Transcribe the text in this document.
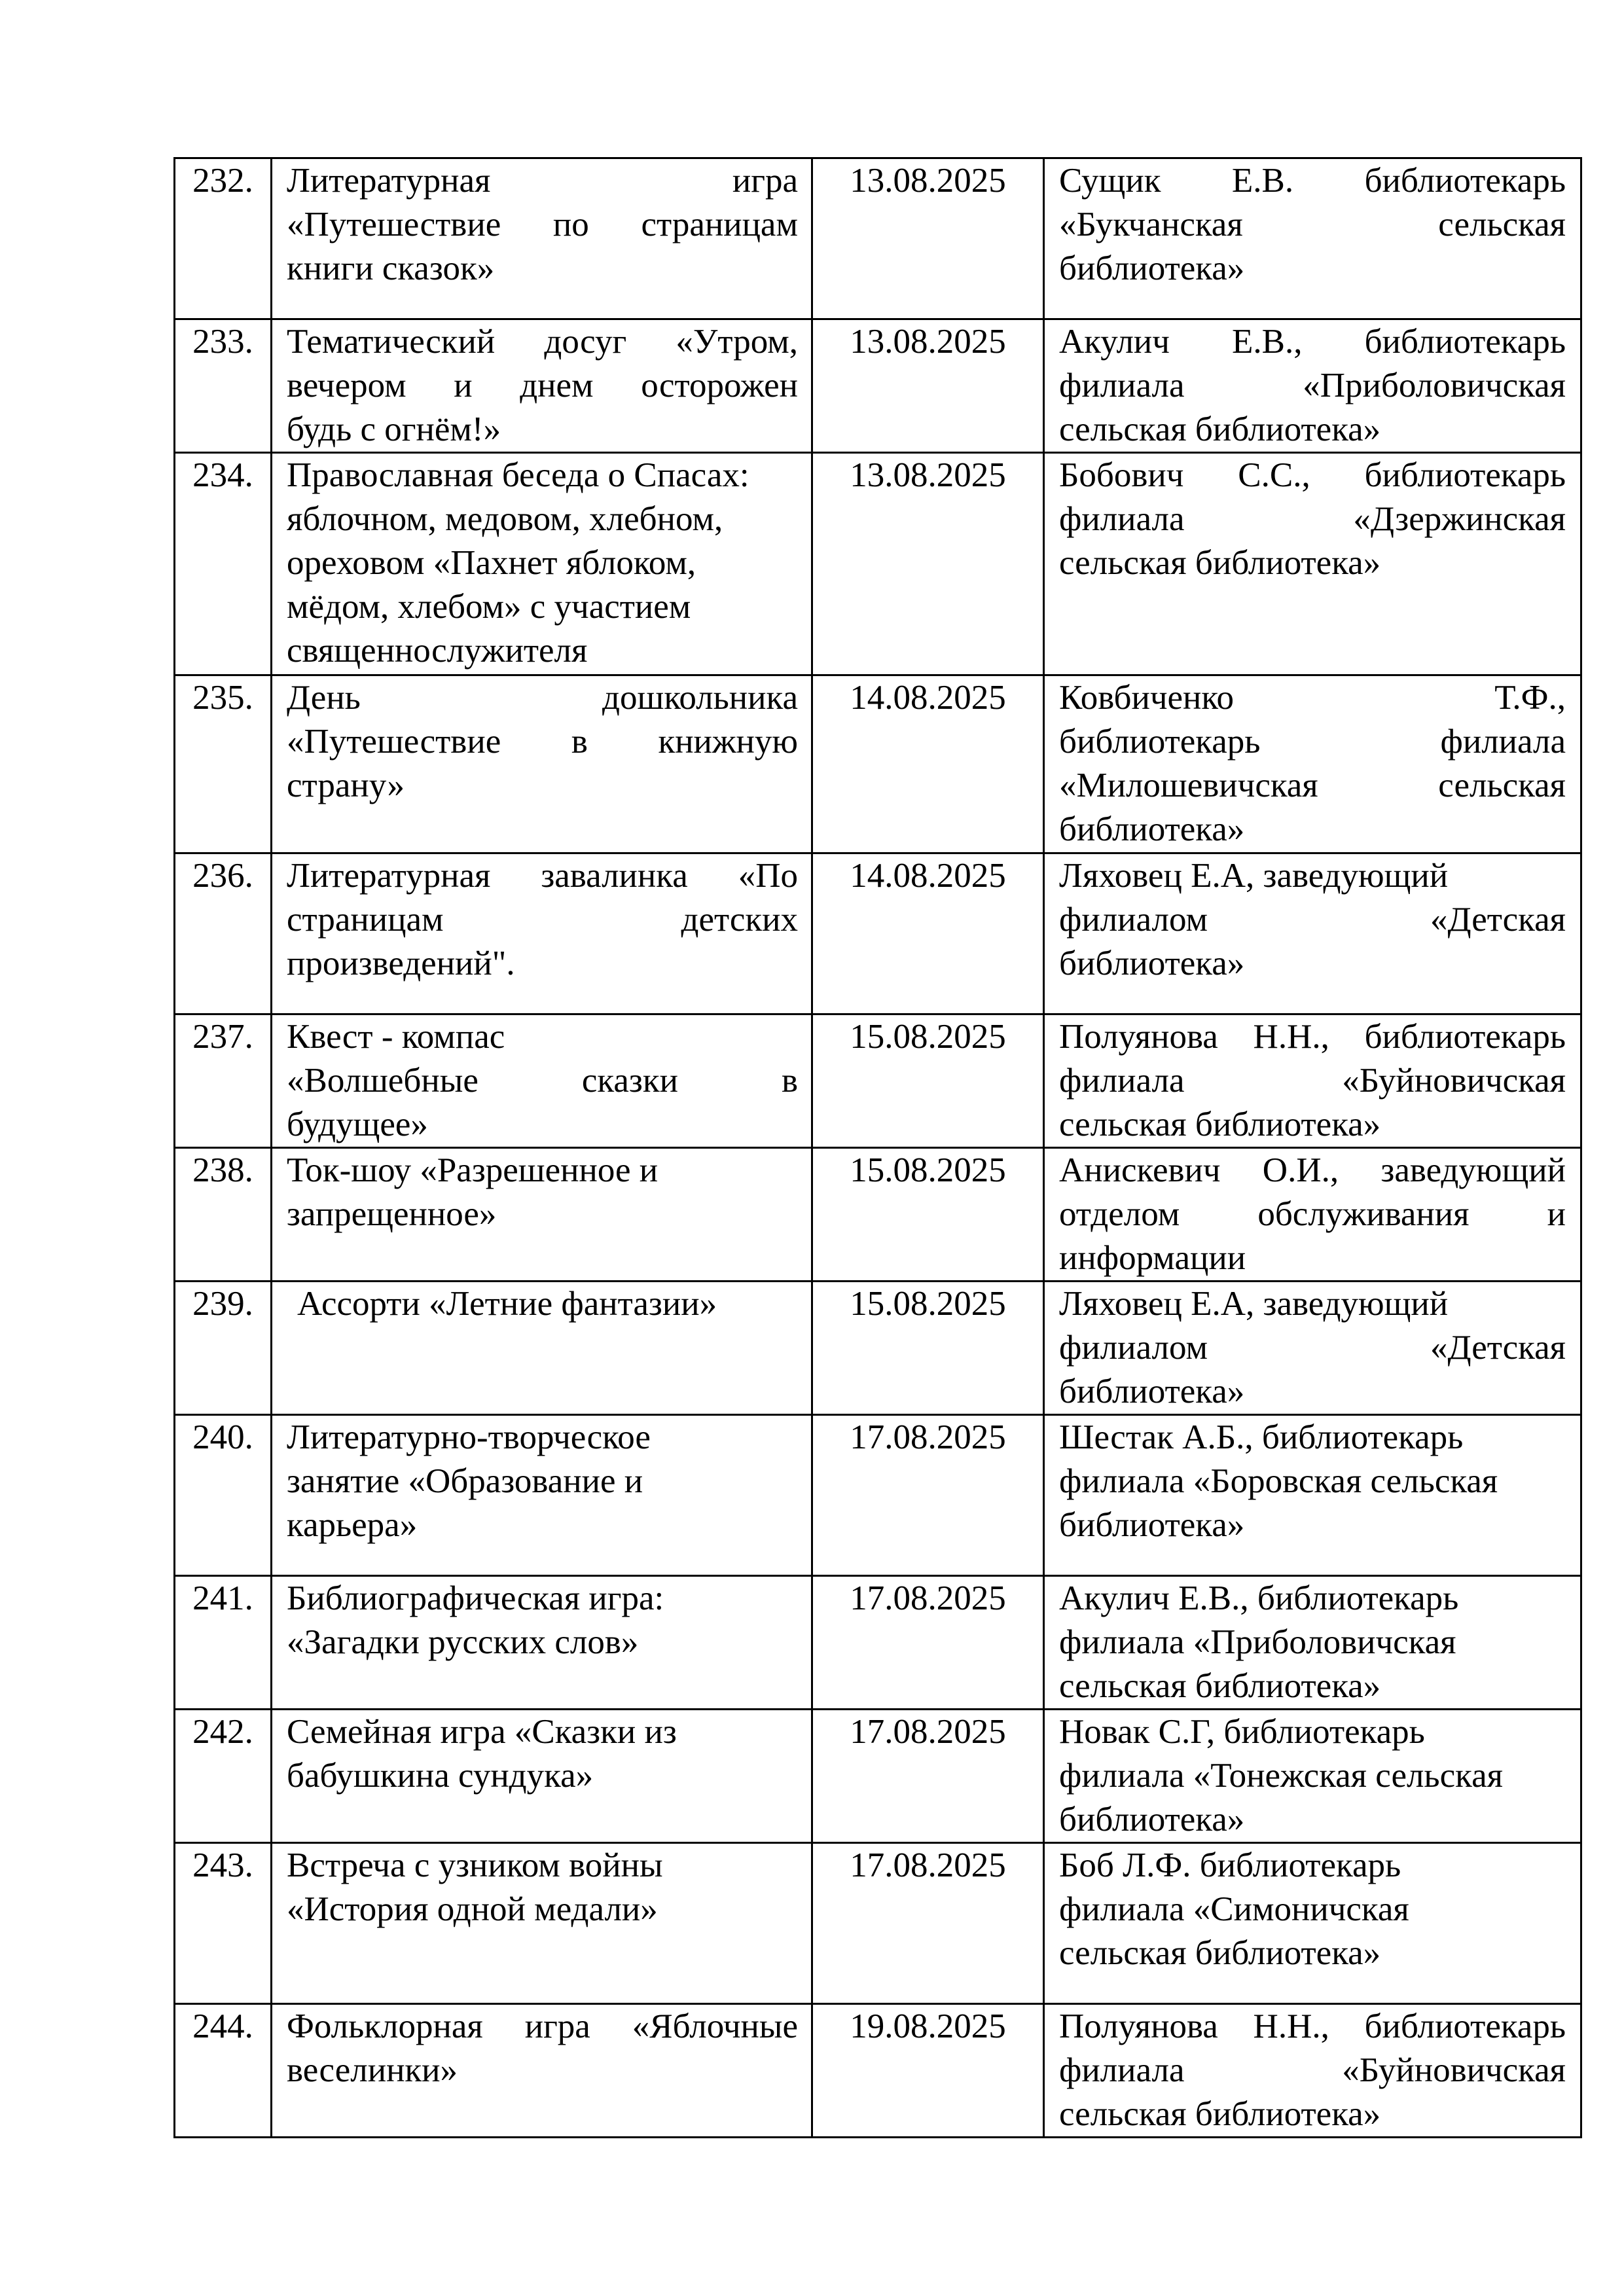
232.	Литературная игра
«Путешествие по страницам
книги сказок»	13.08.2025	Сущик Е.В. библиотекарь
«Букчанская сельская
библиотека»

233.	Тематический досуг «Утром,
вечером и днем осторожен
будь с огнём!»	13.08.2025	Акулич Е.В., библиотекарь
филиала «Приболовичская
сельская библиотека»

234.	Православная беседа о Спасах:
яблочном, медовом, хлебном,
ореховом «Пахнет яблоком,
мёдом, хлебом» с участием
священнослужителя	13.08.2025	Бобович С.С., библиотекарь
филиала «Дзержинская
сельская библиотека»

235.	День дошкольника
«Путешествие в книжную
страну»	14.08.2025	Ковбиченко Т.Ф.,
библиотекарь филиала
«Милошевичская сельская
библиотека»

236.	Литературная завалинка «По
страницам детских
произведений".	14.08.2025	Ляховец Е.А, заведующий
филиалом «Детская
библиотека»

237.	Квест - компас
«Волшебные сказки в
будущее»	15.08.2025	Полуянова Н.Н., библиотекарь
филиала «Буйновичская
сельская библиотека»

238.	Ток-шоу «Разрешенное и
запрещенное»	15.08.2025	Анискевич О.И., заведующий
отделом обслуживания и
информации

239.	Ассорти «Летние фантазии»	15.08.2025	Ляховец Е.А, заведующий
филиалом «Детская
библиотека»

240.	Литературно-творческое
занятие «Образование и
карьера»	17.08.2025	Шестак А.Б., библиотекарь
филиала «Боровская сельская
библиотека»

241.	Библиографическая игра:
«Загадки русских слов»	17.08.2025	Акулич Е.В., библиотекарь
филиала «Приболовичская
сельская библиотека»

242.	Семейная игра «Сказки из
бабушкина сундука»	17.08.2025	Новак С.Г, библиотекарь
филиала «Тонежская сельская
библиотека»

243.	Встреча с узником войны
«История одной медали»	17.08.2025	Боб Л.Ф. библиотекарь
филиала «Симоничская
сельская библиотека»

244.	Фольклорная игра «Яблочные
веселинки»	19.08.2025	Полуянова Н.Н., библиотекарь
филиала «Буйновичская
сельская библиотека»
